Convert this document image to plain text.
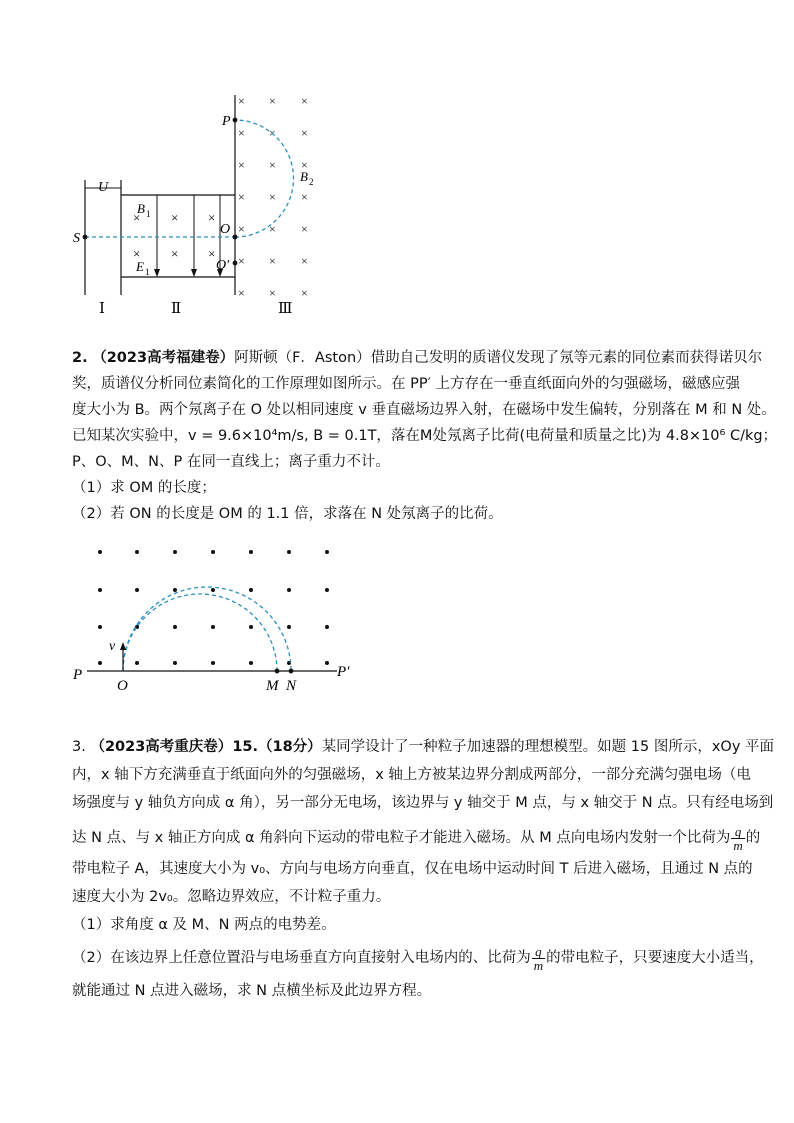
U
× × ×
× × ×
B 1
E 1
× × ×
× × ×
× × ×
× × ×
× × ×
× × ×
× × ×
S
P
O
O′
B 2
Ⅰ	Ⅱ	Ⅲ
2. （2023高考福建卷）阿斯顿（F．Aston）借助自己发明的质谱仪发现了氖等元素的同位素而获得诺贝尔
奖，质谱仪分析同位素简化的工作原理如图所示。在 PP′ 上方存在一垂直纸面向外的匀强磁场，磁感应强
度大小为 B。两个氖离子在 O 处以相同速度 v 垂直磁场边界入射，在磁场中发生偏转，分别落在 M 和 N 处。
已知某次实验中，v = 9.6×10⁴m/s, B = 0.1T，落在M处氖离子比荷(电荷量和质量之比)为 4.8×10⁶ C/kg；
P、O、M、N、P 在同一直线上；离子重力不计。
（1）求 OM 的长度；
（2）若 ON 的长度是 OM 的 1.1 倍，求落在 N 处氖离子的比荷。
v
P
O	M N
P′
3. （2023高考重庆卷）15.（18分）某同学设计了一种粒子加速器的理想模型。如题 15 图所示，xOy 平面
内，x 轴下方充满垂直于纸面向外的匀强磁场，x 轴上方被某边界分割成两部分，一部分充满匀强电场（电
场强度与 y 轴负方向成 α 角），另一部分无电场，该边界与 y 轴交于 M 点，与 x 轴交于 N 点。只有经电场到
达 N 点、与 x 轴正方向成 α 角斜向下运动的带电粒子才能进入磁场。从 M 点向电场内发射一个比荷为 $\frac{q}{m}$ 的
带电粒子 A，其速度大小为 v₀、方向与电场方向垂直，仅在电场中运动时间 T 后进入磁场，且通过 N 点的
速度大小为 2v₀。忽略边界效应，不计粒子重力。
（1）求角度 α 及 M、N 两点的电势差。
（2）在该边界上任意位置沿与电场垂直方向直接射入电场内的、比荷为 $\frac{q}{m}$ 的带电粒子，只要速度大小适当，
就能通过 N 点进入磁场，求 N 点横坐标及此边界方程。
